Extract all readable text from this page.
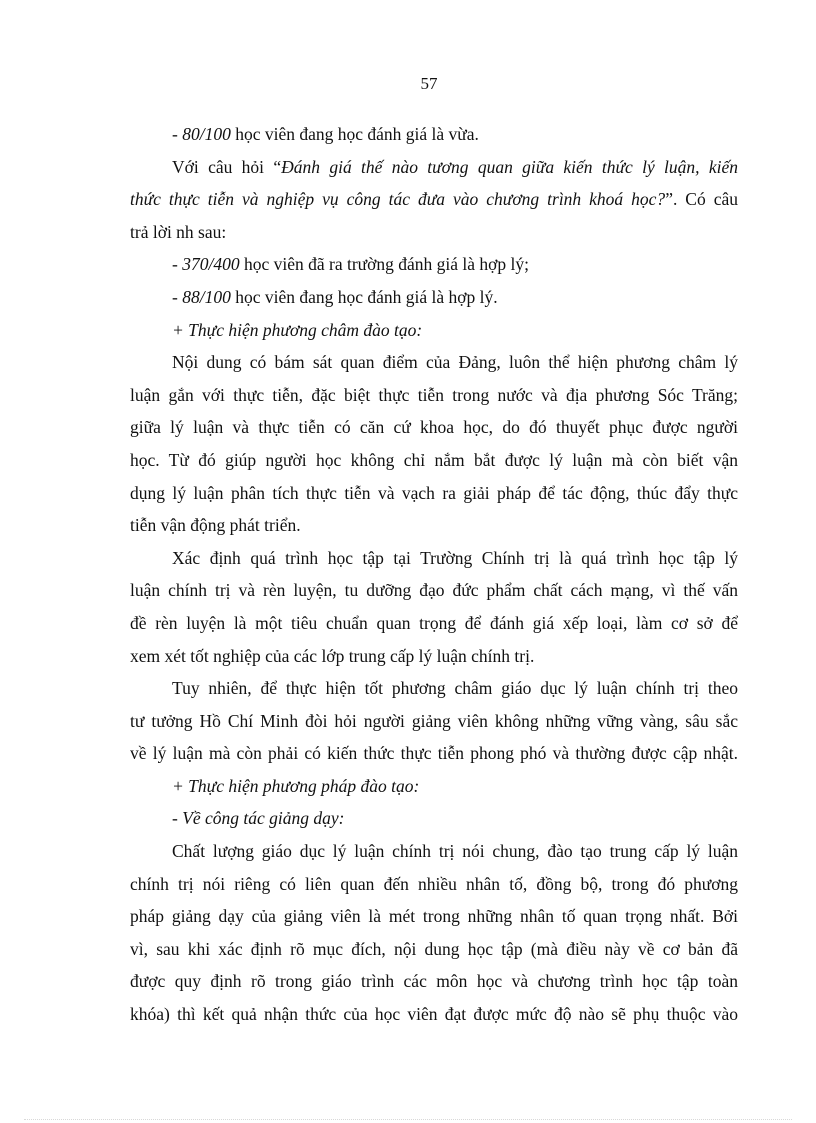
57
- 80/100 học viên đang học đánh giá là vừa.
Với câu hỏi “Đánh giá thế nào tương quan giữa kiến thức lý luận, kiến
thức thực tiễn và nghiệp vụ công tác đưa vào chương trình khoá học?”. Có câu
trả lời nh sau:
- 370/400 học viên đã ra trường đánh giá là hợp lý;
- 88/100 học viên đang học đánh giá là hợp lý.
+ Thực hiện phương châm đào tạo:
Nội dung có bám sát quan điểm của Đảng, luôn thể hiện phương châm lý
luận gắn với thực tiễn, đặc biệt thực tiễn trong nước và địa phương Sóc Trăng;
giữa lý luận và thực tiễn có căn cứ khoa học, do đó thuyết phục được người
học. Từ đó giúp người học không chỉ nắm bắt được lý luận mà còn biết vận
dụng lý luận phân tích thực tiễn và vạch ra giải pháp để tác động, thúc đẩy thực
tiễn vận động phát triển.
Xác định quá trình học tập tại Trường Chính trị là quá trình học tập lý
luận chính trị và rèn luyện, tu dưỡng đạo đức phẩm chất cách mạng, vì thế vấn
đề rèn luyện là một tiêu chuẩn quan trọng để đánh giá xếp loại, làm cơ sở để
xem xét tốt nghiệp của các lớp trung cấp lý luận chính trị.
Tuy nhiên, để thực hiện tốt phương châm giáo dục lý luận chính trị theo
tư tưởng Hồ Chí Minh đòi hỏi người giảng viên không những vững vàng, sâu sắc
về lý luận mà còn phải có kiến thức thực tiễn phong phó và thường được cập nhật.
+ Thực hiện phương pháp đào tạo:
- Về công tác giảng dạy:
Chất lượng giáo dục lý luận chính trị nói chung, đào tạo trung cấp lý luận
chính trị nói riêng có liên quan đến nhiều nhân tố, đồng bộ, trong đó phương
pháp giảng dạy của giảng viên là mét trong những nhân tố quan trọng nhất. Bởi
vì, sau khi xác định rõ mục đích, nội dung học tập (mà điều này về cơ bản đã
được quy định rõ trong giáo trình các môn học và chương trình học tập toàn
khóa) thì kết quả nhận thức của học viên đạt được mức độ nào sẽ phụ thuộc vào
